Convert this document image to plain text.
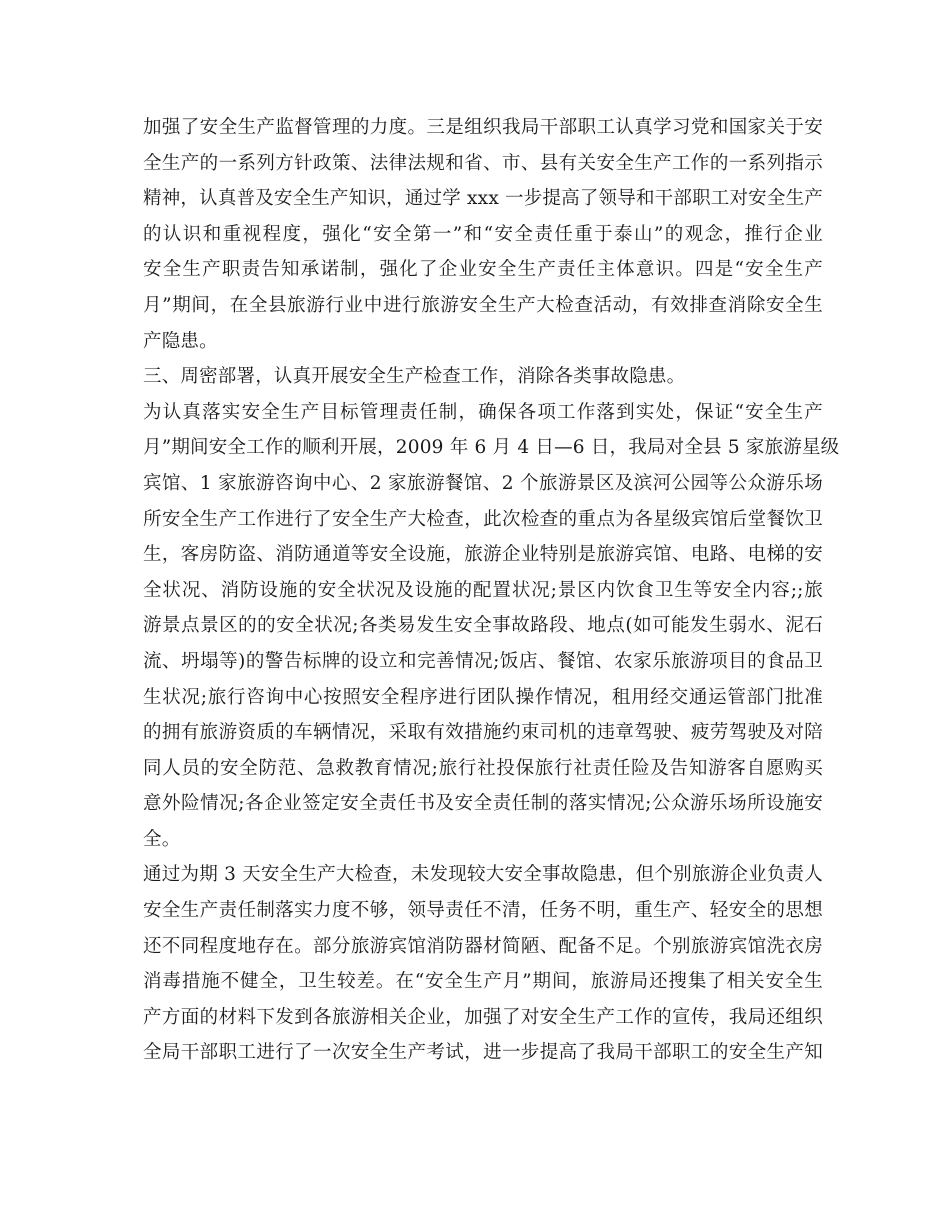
加强了安全生产监督管理的力度。三是组织我局干部职工认真学习党和国家关于安
全生产的一系列方针政策、法律法规和省、市、县有关安全生产工作的一系列指示
精神，认真普及安全生产知识，通过学 xxx 一步提高了领导和干部职工对安全生产
的认识和重视程度，强化“安全第一”和“安全责任重于泰山”的观念，推行企业
安全生产职责告知承诺制，强化了企业安全生产责任主体意识。四是“安全生产
月”期间，在全县旅游行业中进行旅游安全生产大检查活动，有效排查消除安全生
产隐患。
三、周密部署，认真开展安全生产检查工作，消除各类事故隐患。
为认真落实安全生产目标管理责任制，确保各项工作落到实处，保证“安全生产
月”期间安全工作的顺利开展，2009 年 6 月 4 日—6 日，我局对全县 5 家旅游星级
宾馆、1 家旅游咨询中心、2 家旅游餐馆、2 个旅游景区及滨河公园等公众游乐场
所安全生产工作进行了安全生产大检查，此次检查的重点为各星级宾馆后堂餐饮卫
生，客房防盗、消防通道等安全设施，旅游企业特别是旅游宾馆、电路、电梯的安
全状况、消防设施的安全状况及设施的配置状况;景区内饮食卫生等安全内容;;旅
游景点景区的的安全状况;各类易发生安全事故路段、地点(如可能发生弱水、泥石
流、坍塌等)的警告标牌的设立和完善情况;饭店、餐馆、农家乐旅游项目的食品卫
生状况;旅行咨询中心按照安全程序进行团队操作情况，租用经交通运管部门批准
的拥有旅游资质的车辆情况，采取有效措施约束司机的违章驾驶、疲劳驾驶及对陪
同人员的安全防范、急救教育情况;旅行社投保旅行社责任险及告知游客自愿购买
意外险情况;各企业签定安全责任书及安全责任制的落实情况;公众游乐场所设施安
全。
通过为期 3 天安全生产大检查，未发现较大安全事故隐患，但个别旅游企业负责人
安全生产责任制落实力度不够，领导责任不清，任务不明，重生产、轻安全的思想
还不同程度地存在。部分旅游宾馆消防器材简陋、配备不足。个别旅游宾馆洗衣房
消毒措施不健全，卫生较差。在“安全生产月”期间，旅游局还搜集了相关安全生
产方面的材料下发到各旅游相关企业，加强了对安全生产工作的宣传，我局还组织
全局干部职工进行了一次安全生产考试，进一步提高了我局干部职工的安全生产知
